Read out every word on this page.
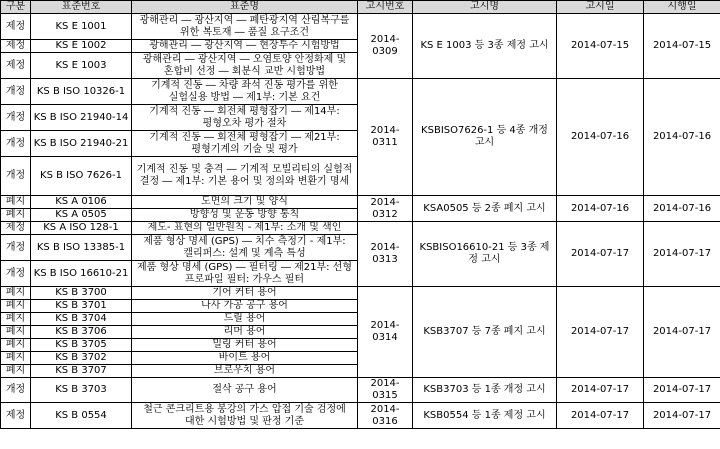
구분	표준번호	표준명	고시번호	고시명	고시일	시행일
제정	KS E 1001	광해관리 ― 광산지역 ― 폐탄광지역 산림복구를 위한 복토재 ― 품질 요구조건	2014-0309	KS E 1003 등 3종 제정 고시	2014-07-15	2014-07-15
제정	KS E 1002	광해관리 ― 광산지역 ― 현장투수 시험방법				
제정	KS E 1003	광해관리 ― 광산지역 ― 오염토양 안정화제 및 혼합비 선정 ― 회분식 교반 시험방법				
개정	KS B ISO 10326-1	기계적 진동 ― 차량 좌석 진동 평가를 위한 실험실용 방법 ― 제1부: 기본 요건	2014-0311	KSBISO7626-1 등 4종 개정 고시	2014-07-16	2014-07-16
개정	KS B ISO 21940-14	기계적 진동 ― 회전체 평형잡기 ― 제14부: 평형오차 평가 절차				
개정	KS B ISO 21940-21	기계적 진동 ― 회전체 평형잡기 ― 제21부: 평형기계의 기술 및 평가				
개정	KS B ISO 7626-1	기계적 진동 및 충격 ― 기계적 모빌리티의 실험적 결정 ― 제1부: 기본 용어 및 정의와 변환기 명세				
폐지	KS A 0106	도면의 크기 및 양식	2014-0312	KSA0505 등 2종 폐지 고시	2014-07-16	2014-07-16
폐지	KS A 0505	방향성 및 운동 방향 통칙				
제정	KS A ISO 128-1	제도- 표현의 일반원칙 - 제1부: 소개 및 색인	2014-0313	KSBISO16610-21 등 3종 제정 고시	2014-07-17	2014-07-17
개정	KS B ISO 13385-1	제품 형상 명세 (GPS) ― 치수 측정기 - 제1부: 캘리퍼스: 설계 및 계측 특성				
개정	KS B ISO 16610-21	제품 형상 명세 (GPS) ― 필터링 ― 제21부: 선형 프로파일 필터: 가우스 필터				
폐지	KS B 3700	기어 커터 용어	2014-0314	KSB3707 등 7종 폐지 고시	2014-07-17	2014-07-17
폐지	KS B 3701	나사 가공 공구 용어				
폐지	KS B 3704	드릴 용어				
폐지	KS B 3706	리머 용어				
폐지	KS B 3705	밀링 커터 용어				
폐지	KS B 3702	바이트 용어				
폐지	KS B 3707	브로우치 용어				
개정	KS B 3703	절삭 공구 용어	2014-0315	KSB3703 등 1종 개정 고시	2014-07-17	2014-07-17
제정	KS B 0554	철근 콘크리트용 봉강의 가스 압접 기술 검정에 대한 시험방법 및 판정 기준	2014-0316	KSB0554 등 1종 제정 고시	2014-07-17	2014-07-17
